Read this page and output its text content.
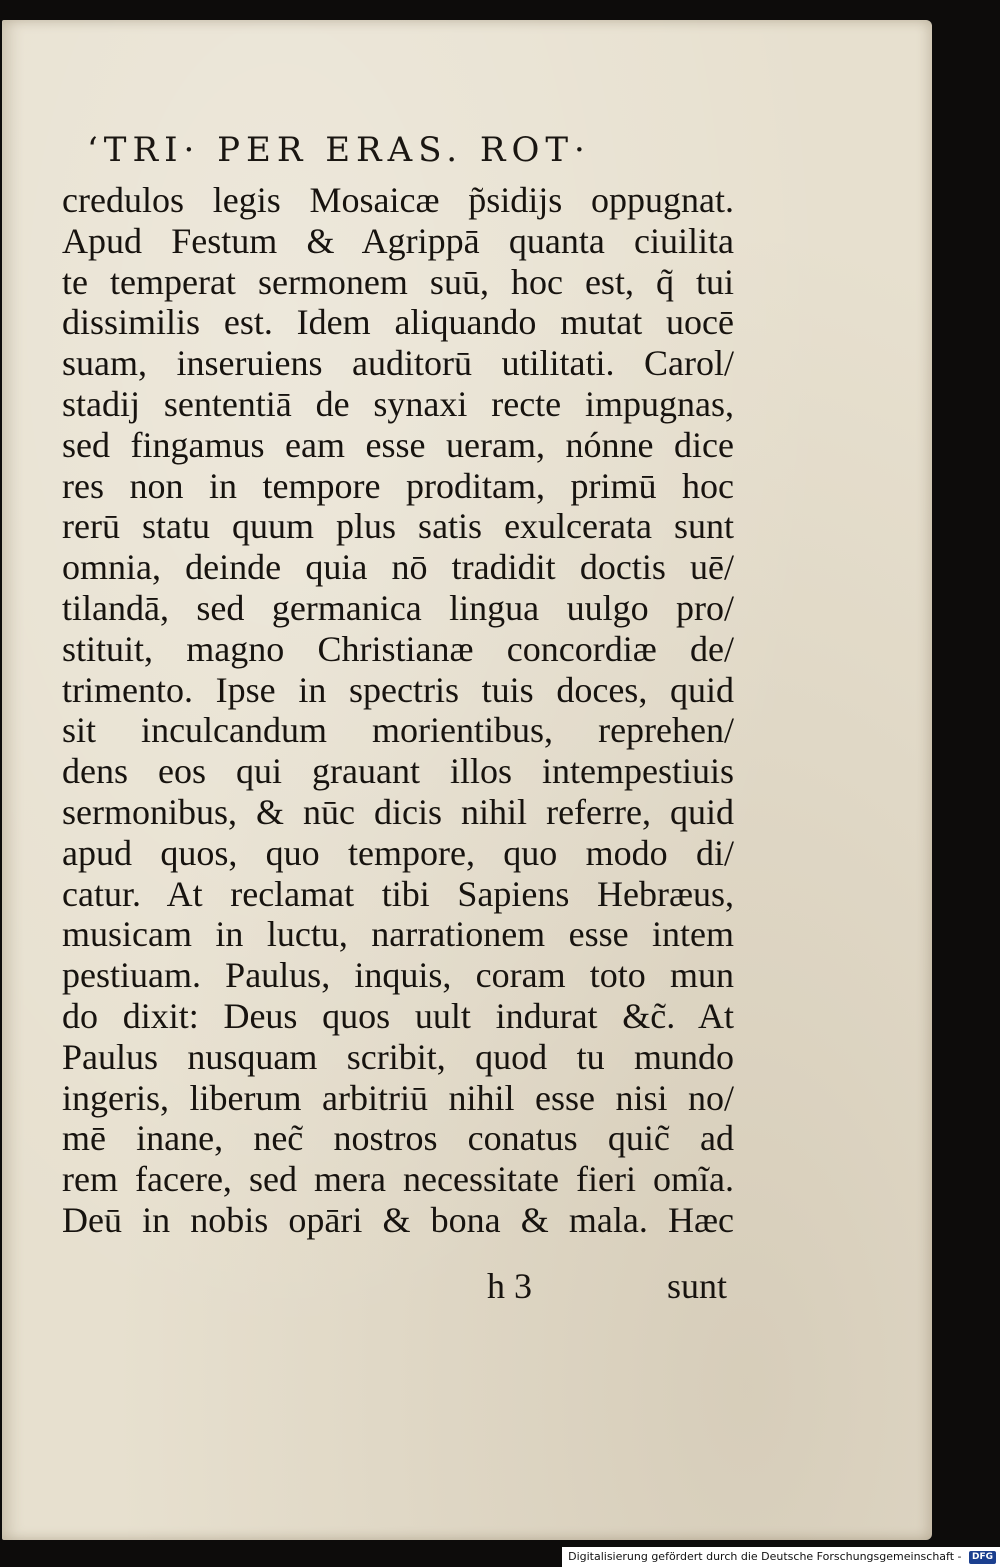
‘TRI· PER ERAS. ROT·
credulos legis Mosaicæ p̃sidijs oppugnat.
Apud Festum & Agrippā quanta ciuilita
te temperat sermonem suū, hoc est, q̃ tui
dissimilis est. Idem aliquando mutat uocē
suam, inseruiens auditorū utilitati. Carol/
stadij sententiā de synaxi recte impugnas,
sed fingamus eam esse ueram, nónne dice
res non in tempore proditam, primū hoc
rerū statu quum plus satis exulcerata sunt
omnia, deinde quia nō tradidit doctis uē/
tilandā, sed germanica lingua uulgo pro/
stituit, magno Christianæ concordiæ de/
trimento. Ipse in spectris tuis doces, quid
sit inculcandum morientibus, reprehen/
dens eos qui grauant illos intempestiuis
sermonibus, & nūc dicis nihil referre, quid
apud quos, quo tempore, quo modo di/
catur. At reclamat tibi Sapiens Hebræus,
musicam in luctu, narrationem esse intem
pestiuam. Paulus, inquis, coram toto mun
do dixit: Deus quos uult indurat &c̃. At
Paulus nusquam scribit, quod tu mundo
ingeris, liberum arbitriū nihil esse nisi no/
mē inane, nec̃ nostros conatus quic̃ ad
rem facere, sed mera necessitate fieri omĩa.
Deū in nobis opāri & bona & mala. Hæc
h 3	sunt
Digitalisierung gefördert durch die Deutsche Forschungsgemeinschaft - DFG
